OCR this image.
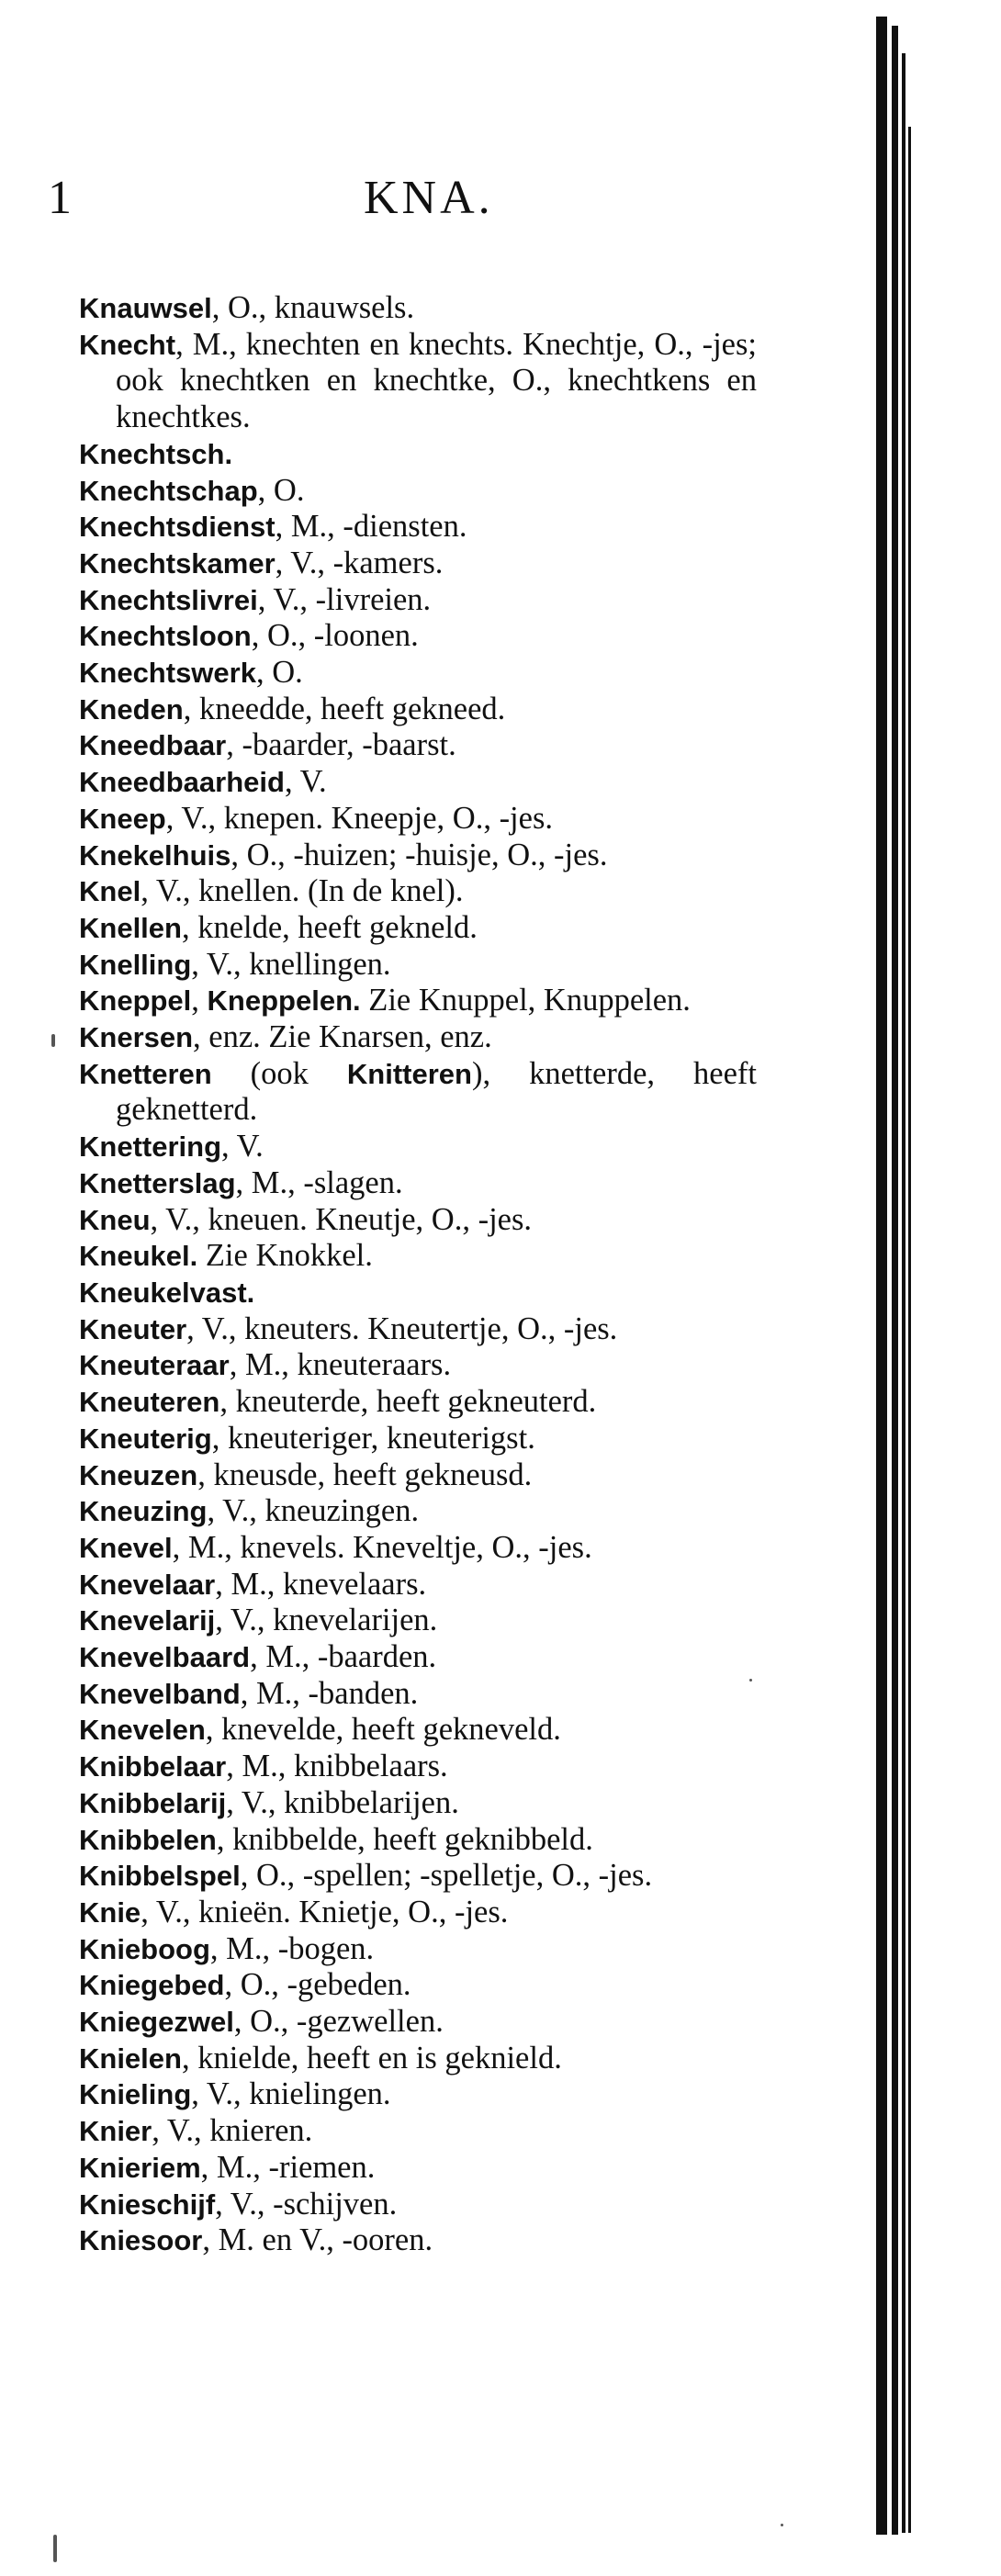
1	KNA.
Knauwsel, O., knauwsels.
Knecht, M., knechten en knechts. Knechtje, O., -jes; ook knechtken en knechtke, O., knechtkens en knechtkes.
Knechtsch.
Knechtschap, O.
Knechtsdienst, M., -diensten.
Knechtskamer, V., -kamers.
Knechtslivrei, V., -livreien.
Knechtsloon, O., -loonen.
Knechtswerk, O.
Kneden, kneedde, heeft gekneed.
Kneedbaar, -baarder, -baarst.
Kneedbaarheid, V.
Kneep, V., knepen. Kneepje, O., -jes.
Knekelhuis, O., -huizen; -huisje, O., -jes.
Knel, V., knellen. (In de knel).
Knellen, knelde, heeft gekneld.
Knelling, V., knellingen.
Kneppel, Kneppelen. Zie Knuppel, Knuppelen.
Knersen, enz. Zie Knarsen, enz.
Knetteren (ook Knitteren), knetterde, heeft geknetterd.
Knettering, V.
Knetterslag, M., -slagen.
Kneu, V., kneuen. Kneutje, O., -jes.
Kneukel. Zie Knokkel.
Kneukelvast.
Kneuter, V., kneuters. Kneutertje, O., -jes.
Kneuteraar, M., kneuteraars.
Kneuteren, kneuterde, heeft gekneuterd.
Kneuterig, kneuteriger, kneuterigst.
Kneuzen, kneusde, heeft gekneusd.
Kneuzing, V., kneuzingen.
Knevel, M., knevels. Kneveltje, O., -jes.
Knevelaar, M., knevelaars.
Knevelarij, V., knevelarijen.
Knevelbaard, M., -baarden.
Knevelband, M., -banden.
Knevelen, knevelde, heeft gekneveld.
Knibbelaar, M., knibbelaars.
Knibbelarij, V., knibbelarijen.
Knibbelen, knibbelde, heeft geknibbeld.
Knibbelspel, O., -spellen; -spelletje, O., -jes.
Knie, V., knieën. Knietje, O., -jes.
Knieboog, M., -bogen.
Kniegebed, O., -gebeden.
Kniegezwel, O., -gezwellen.
Knielen, knielde, heeft en is geknield.
Knieling, V., knielingen.
Knier, V., knieren.
Knieriem, M., -riemen.
Knieschijf, V., -schijven.
Kniesoor, M. en V., -ooren.
